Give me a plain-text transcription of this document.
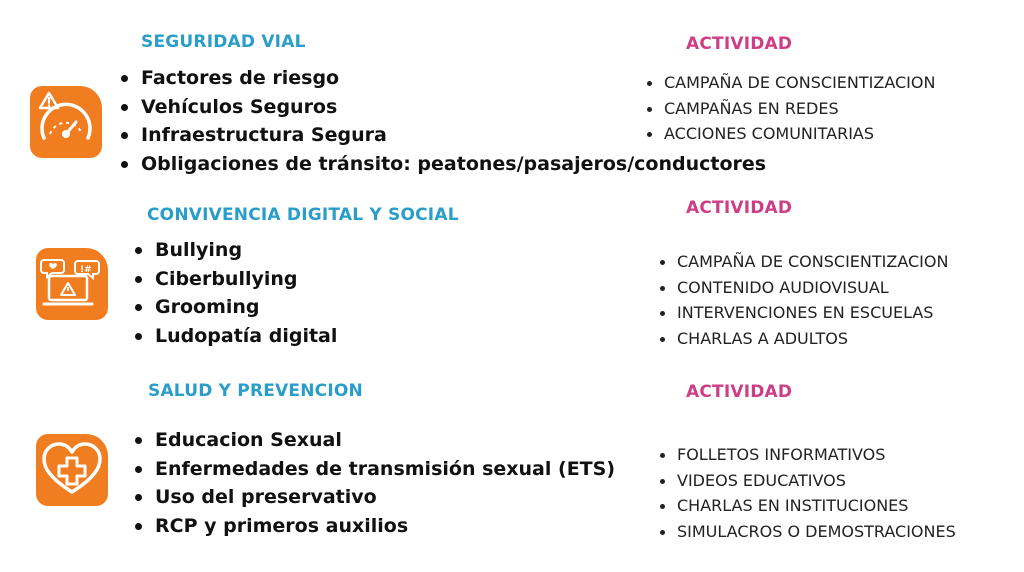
SEGURIDAD VIAL
Factores de riesgo
Vehículos Seguros
Infraestructura Segura
Obligaciones de tránsito: peatones/pasajeros/conductores
ACTIVIDAD
CAMPAÑA DE CONSCIENTIZACION
CAMPAÑAS EN REDES
ACCIONES COMUNITARIAS
CONVIVENCIA DIGITAL Y SOCIAL
!#
Bullying
Ciberbullying
Grooming
Ludopatía digital
ACTIVIDAD
CAMPAÑA DE CONSCIENTIZACION
CONTENIDO AUDIOVISUAL
INTERVENCIONES EN ESCUELAS
CHARLAS A ADULTOS
SALUD Y PREVENCION
Educacion Sexual
Enfermedades de transmisión sexual (ETS)
Uso del preservativo
RCP y primeros auxilios
ACTIVIDAD
FOLLETOS INFORMATIVOS
VIDEOS EDUCATIVOS
CHARLAS EN INSTITUCIONES
SIMULACROS O DEMOSTRACIONES
